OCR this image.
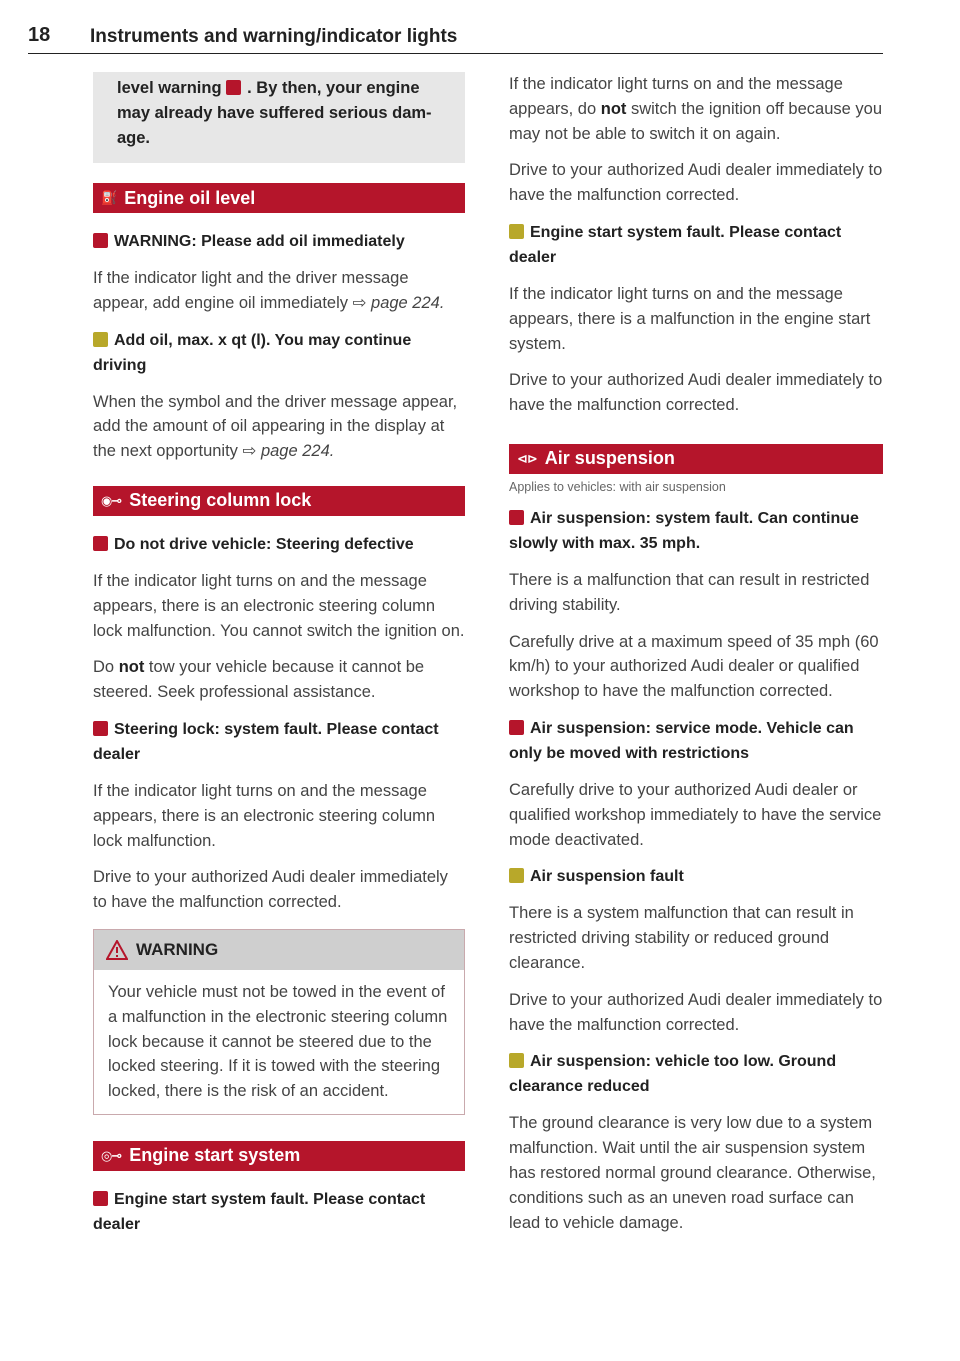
18 Instruments and warning/indicator lights
level warning . By then, your engine
may already have suffered serious dam-
age.
⛽ Engine oil level
WARNING: Please add oil immediately
If the indicator light and the driver message appear, add engine oil immediately ⇨ page 224.
Add oil, max. x qt (l). You may continue driving
When the symbol and the driver message appear, add the amount of oil appearing in the display at the next opportunity ⇨ page 224.
◉⊸ Steering column lock
Do not drive vehicle: Steering defective
If the indicator light turns on and the message appears, there is an electronic steering column lock malfunction. You cannot switch the ignition on.
Do not tow your vehicle because it cannot be steered. Seek professional assistance.
Steering lock: system fault. Please contact dealer
If the indicator light turns on and the message appears, there is an electronic steering column lock malfunction.
Drive to your authorized Audi dealer immediately to have the malfunction corrected.
WARNING
Your vehicle must not be towed in the event of a malfunction in the electronic steering column lock because it cannot be steered due to the locked steering. If it is towed with the steering locked, there is the risk of an accident.
◎⊸ Engine start system
Engine start system fault. Please contact dealer
If the indicator light turns on and the message appears, do not switch the ignition off because you may not be able to switch it on again.
Drive to your authorized Audi dealer immediately to have the malfunction corrected.
Engine start system fault. Please contact dealer
If the indicator light turns on and the message appears, there is a malfunction in the engine start system.
Drive to your authorized Audi dealer immediately to have the malfunction corrected.
⊲⊳ Air suspension
Applies to vehicles: with air suspension
Air suspension: system fault. Can continue slowly with max. 35 mph.
There is a malfunction that can result in restricted driving stability.
Carefully drive at a maximum speed of 35 mph (60 km/h) to your authorized Audi dealer or qualified workshop to have the malfunction corrected.
Air suspension: service mode. Vehicle can only be moved with restrictions
Carefully drive to your authorized Audi dealer or qualified workshop immediately to have the service mode deactivated.
Air suspension fault
There is a system malfunction that can result in restricted driving stability or reduced ground clearance.
Drive to your authorized Audi dealer immediately to have the malfunction corrected.
Air suspension: vehicle too low. Ground clearance reduced
The ground clearance is very low due to a system malfunction. Wait until the air suspension system has restored normal ground clearance. Otherwise, conditions such as an uneven road surface can lead to vehicle damage.
